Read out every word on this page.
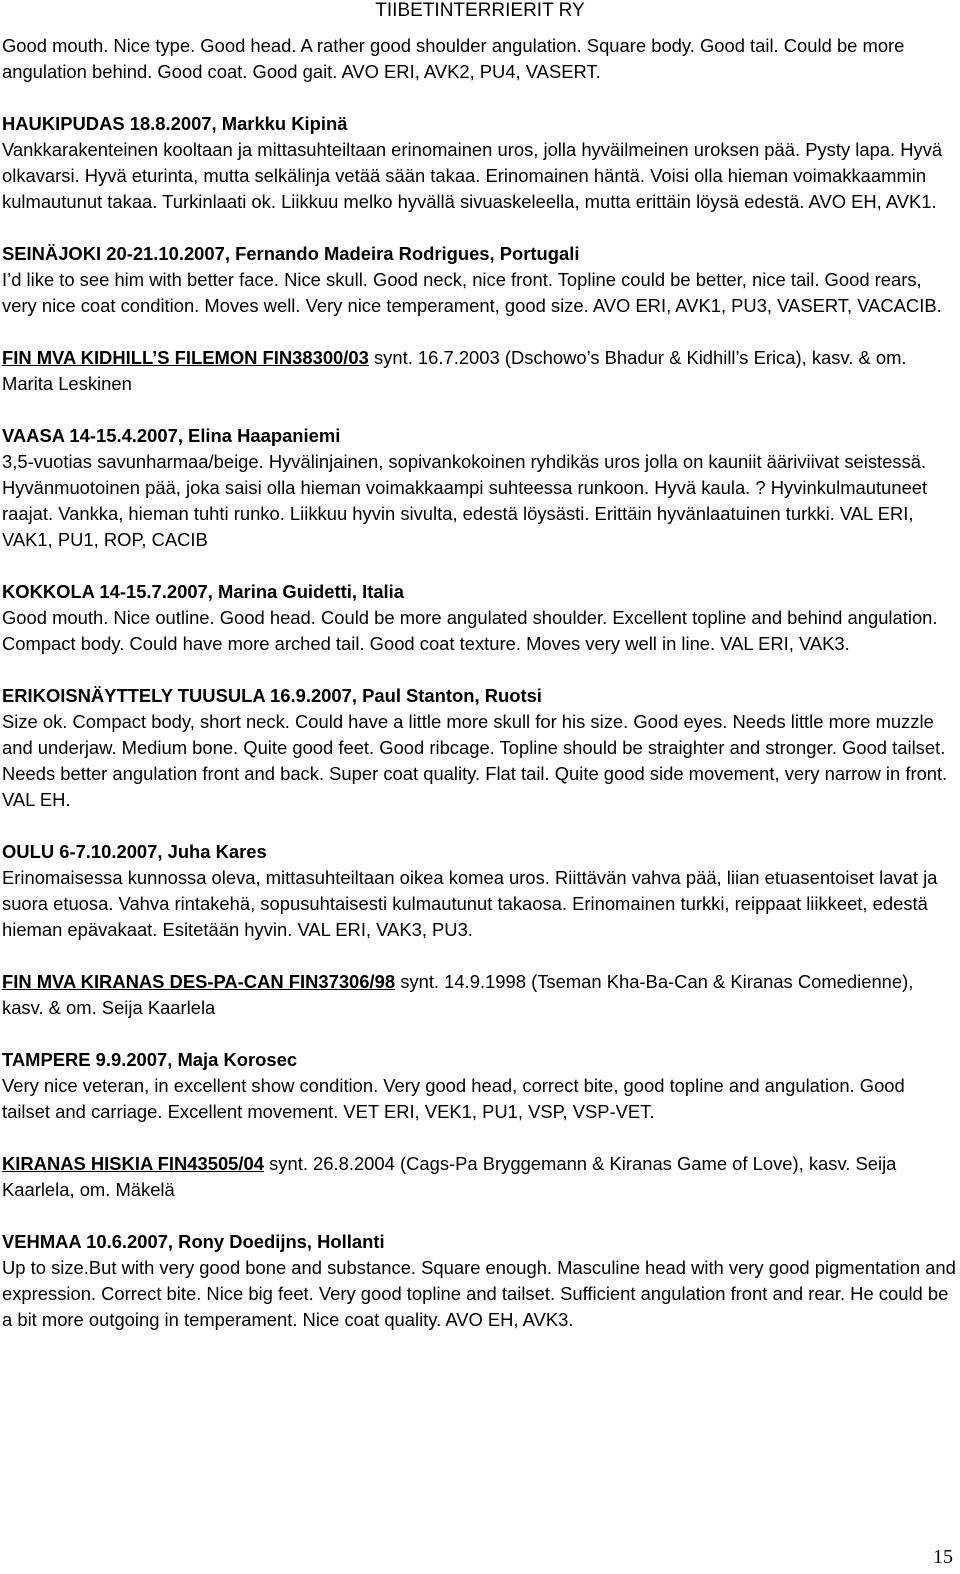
TIIBETINTERRIERIT RY

Good mouth. Nice type. Good head. A rather good shoulder angulation. Square body. Good tail. Could be more angulation behind. Good coat. Good gait. AVO ERI, AVK2, PU4, VASERT.

HAUKIPUDAS 18.8.2007, Markku Kipinä

Vankkarakenteinen kooltaan ja mittasuhteiltaan erinomainen uros, jolla hyväilmeinen uroksen pää. Pysty lapa. Hyvä olkavarsi. Hyvä eturinta, mutta selkälinja vetää sään takaa. Erinomainen häntä. Voisi olla hieman voimakkaammin kulmautunut takaa. Turkinlaati ok. Liikkuu melko hyvällä sivuaskeleella, mutta erittäin löysä edestä. AVO EH, AVK1.

SEINÄJOKI 20-21.10.2007, Fernando Madeira Rodrigues, Portugali

I’d like to see him with better face. Nice skull. Good neck, nice front. Topline could be better, nice tail. Good rears, very nice coat condition. Moves well. Very nice temperament, good size. AVO ERI, AVK1, PU3, VASERT, VACACIB.

FIN MVA KIDHILL’S FILEMON FIN38300/03 synt. 16.7.2003 (Dschowo’s Bhadur & Kidhill’s Erica), kasv. & om. Marita Leskinen

VAASA 14-15.4.2007, Elina Haapaniemi

3,5-vuotias savunharmaa/beige. Hyvälinjainen, sopivankokoinen ryhdikäs uros jolla on kauniit ääriviivat seistessä. Hyvänmuotoinen pää, joka saisi olla hieman voimakkaampi suhteessa runkoon. Hyvä kaula. ? Hyvinkulmautuneet raajat. Vankka, hieman tuhti runko. Liikkuu hyvin sivulta, edestä löysästi. Erittäin hyvänlaatuinen turkki. VAL ERI, VAK1, PU1, ROP, CACIB

KOKKOLA 14-15.7.2007, Marina Guidetti, Italia

Good mouth. Nice outline. Good head. Could be more angulated shoulder. Excellent topline and behind angulation. Compact body. Could have more arched tail. Good coat texture. Moves very well in line. VAL ERI, VAK3.

ERIKOISNÄYTTELY TUUSULA 16.9.2007, Paul Stanton, Ruotsi

Size ok. Compact body, short neck. Could have a little more skull for his size. Good eyes. Needs little more muzzle and underjaw. Medium bone. Quite good feet. Good ribcage. Topline should be straighter and stronger. Good tailset. Needs better angulation front and back. Super coat quality. Flat tail. Quite good side movement, very narrow in front. VAL EH.

OULU 6-7.10.2007, Juha Kares

Erinomaisessa kunnossa oleva, mittasuhteiltaan oikea komea uros. Riittävän vahva pää, liian etuasentoiset lavat ja suora etuosa. Vahva rintakehä, sopusuhtaisesti kulmautunut takaosa. Erinomainen turkki, reippaat liikkeet, edestä hieman epävakaat. Esitetään hyvin. VAL ERI, VAK3, PU3.

FIN MVA KIRANAS DES-PA-CAN FIN37306/98 synt. 14.9.1998 (Tseman Kha-Ba-Can & Kiranas Comedienne), kasv. & om. Seija Kaarlela

TAMPERE 9.9.2007, Maja Korosec

Very nice veteran, in excellent show condition. Very good head, correct bite, good topline and angulation. Good tailset and carriage. Excellent movement. VET ERI, VEK1, PU1, VSP, VSP-VET.

KIRANAS HISKIA FIN43505/04 synt. 26.8.2004 (Cags-Pa Bryggemann & Kiranas Game of Love), kasv. Seija Kaarlela, om. Mäkelä

VEHMAA 10.6.2007, Rony Doedijns, Hollanti

Up to size.But with very good bone and substance. Square enough. Masculine head with very good pigmentation and expression. Correct bite. Nice big feet. Very good topline and tailset. Sufficient angulation front and rear. He could be a bit more outgoing in temperament. Nice coat quality. AVO EH, AVK3.

15
